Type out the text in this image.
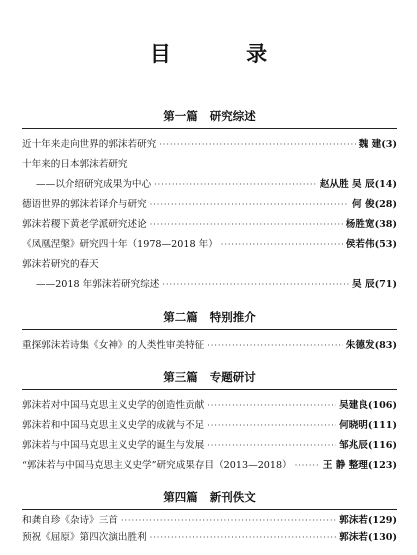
目 录
第一篇 研究综述
近十年来走向世界的郭沫若研究 ·····	魏 建 (3)
十年来的日本郭沫若研究
——以介绍研究成果为中心 ·····	赵从胜 吴 辰 (14)
德语世界的郭沫若译介与研究 ·····	何 俊 (28)
郭沫若稷下黄老学派研究述论 ·····	杨胜宽 (38)
《凤凰涅槃》研究四十年（1978—2018 年） ·····	侯若伟 (53)
郭沫若研究的春天
——2018 年郭沫若研究综述 ·····	吴 辰 (71)
第二篇 特别推介
重探郭沫若诗集《女神》的人类性审美特征 ·····	朱德发 (83)
第三篇 专题研讨
郭沫若对中国马克思主义史学的创造性贡献 ·····	吴建良 (106)
郭沫若和中国马克思主义史学的成就与不足 ·····	何晓明 (111)
郭沫若与中国马克思主义史学的诞生与发展 ·····	邹兆辰 (116)
“郭沫若与中国马克思主义史学”研究成果存目（2013—2018） ·····	王 静 整理 (123)
第四篇 新刊佚文
和龚自珍《杂诗》三首 ·····	郭沫若 (129)
预祝《屈原》第四次演出胜利 ·····	郭沫若 (130)
